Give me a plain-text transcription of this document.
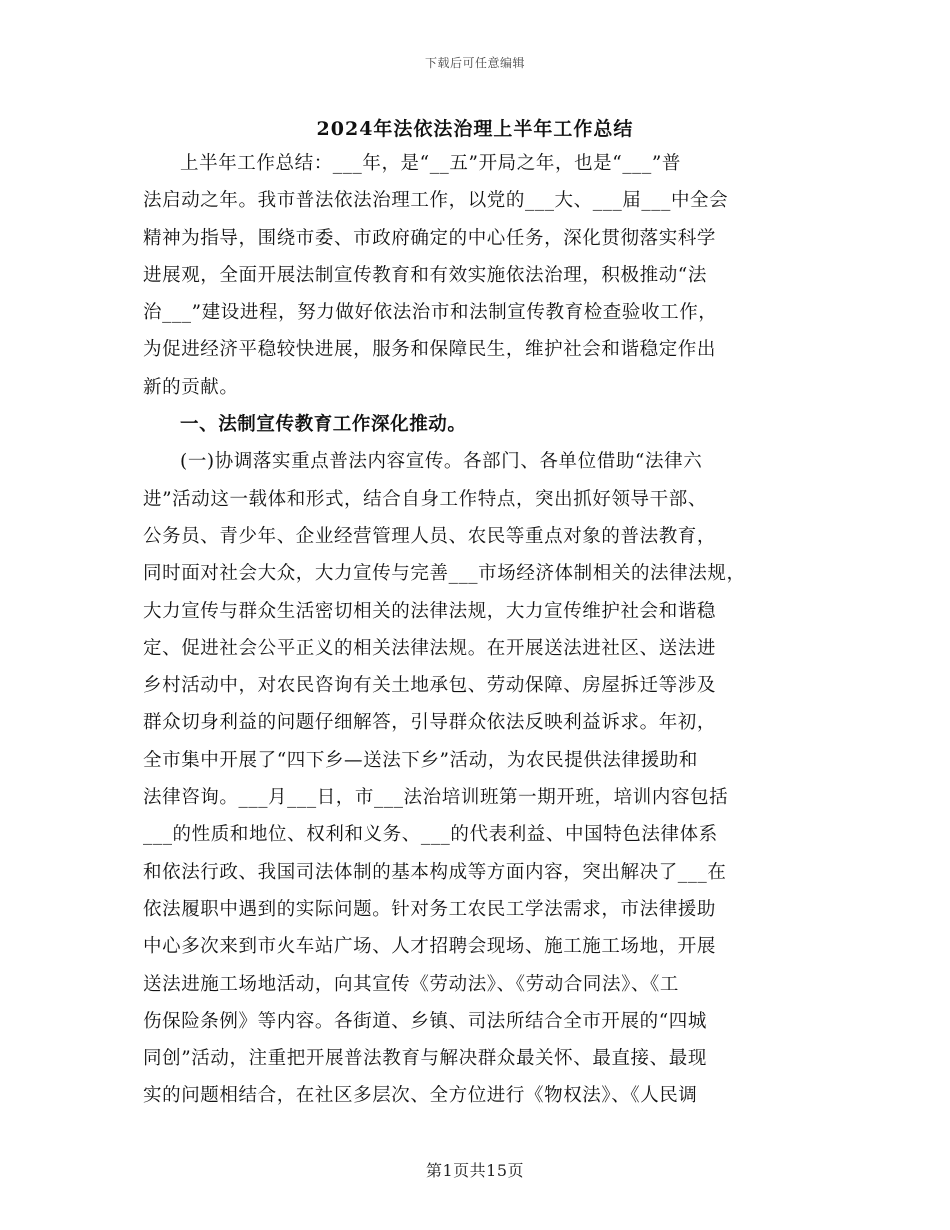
下载后可任意编辑
2024年法依法治理上半年工作总结
上半年工作总结：___年，是“__五”开局之年，也是“___”普
法启动之年。我市普法依法治理工作，以党的___大、___届___中全会
精神为指导，围绕市委、市政府确定的中心任务，深化贯彻落实科学
进展观，全面开展法制宣传教育和有效实施依法治理，积极推动“法
治___”建设进程，努力做好依法治市和法制宣传教育检查验收工作，
为促进经济平稳较快进展，服务和保障民生，维护社会和谐稳定作出
新的贡献。
一、法制宣传教育工作深化推动。
(一)协调落实重点普法内容宣传。各部门、各单位借助“法律六
进”活动这一载体和形式，结合自身工作特点，突出抓好领导干部、
公务员、青少年、企业经营管理人员、农民等重点对象的普法教育，
同时面对社会大众，大力宣传与完善___市场经济体制相关的法律法规，
大力宣传与群众生活密切相关的法律法规，大力宣传维护社会和谐稳
定、促进社会公平正义的相关法律法规。在开展送法进社区、送法进
乡村活动中，对农民咨询有关土地承包、劳动保障、房屋拆迁等涉及
群众切身利益的问题仔细解答，引导群众依法反映利益诉求。年初，
全市集中开展了“四下乡—送法下乡”活动，为农民提供法律援助和
法律咨询。___月___日，市___法治培训班第一期开班，培训内容包括
___的性质和地位、权利和义务、___的代表利益、中国特色法律体系
和依法行政、我国司法体制的基本构成等方面内容，突出解决了___在
依法履职中遇到的实际问题。针对务工农民工学法需求，市法律援助
中心多次来到市火车站广场、人才招聘会现场、施工施工场地，开展
送法进施工场地活动，向其宣传《劳动法》、《劳动合同法》、《工
伤保险条例》等内容。各街道、乡镇、司法所结合全市开展的“四城
同创”活动，注重把开展普法教育与解决群众最关怀、最直接、最现
实的问题相结合，在社区多层次、全方位进行《物权法》、《人民调
第1页共15页
